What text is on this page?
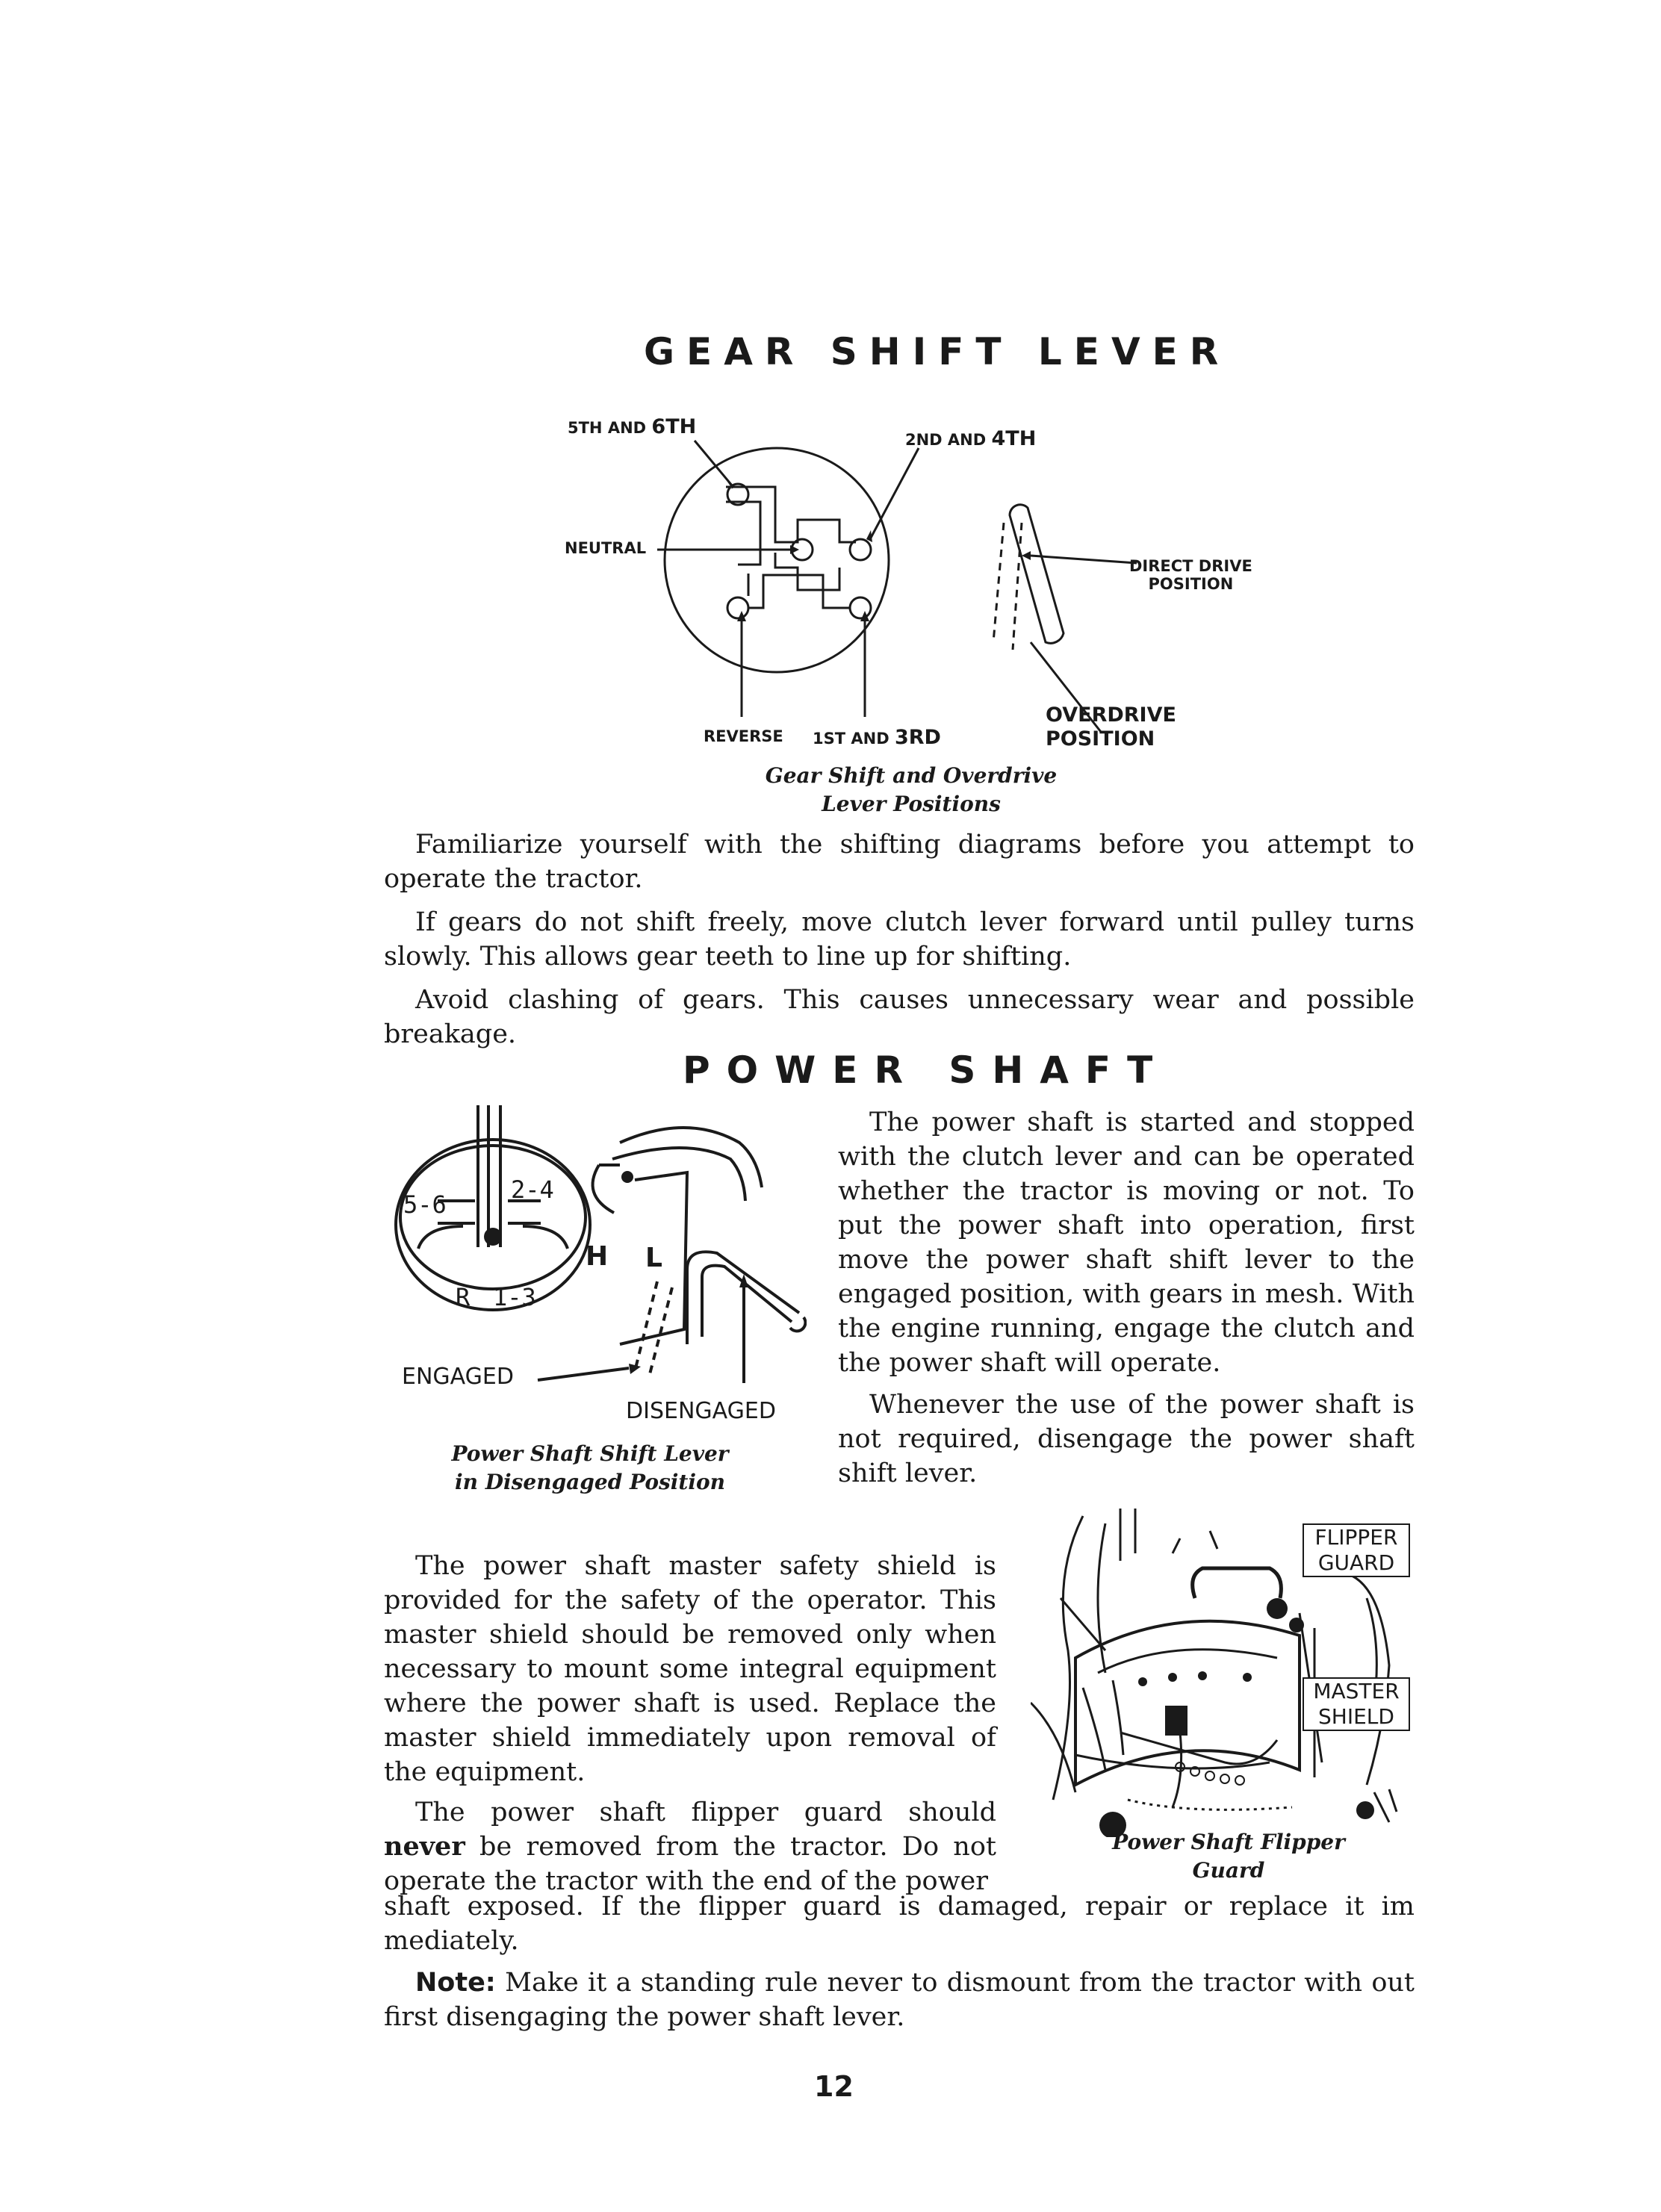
GEAR SHIFT LEVER
5TH AND 6TH
2ND AND 4TH
NEUTRAL
REVERSE 1ST AND 3RD
DIRECT DRIVE
POSITION
OVERDRIVE
POSITION
Gear Shift and Overdrive
Lever Positions

Familiarize yourself with the shifting diagrams before you attempt to operate the tractor.

If gears do not shift freely, move clutch lever forward until pulley turns slowly. This allows gear teeth to line up for shifting.

Avoid clashing of gears. This causes unnecessary wear and possible breakage.

POWER SHAFT
5-6
2-4
R 1-3
H L
ENGAGED
DISENGAGED
Power Shaft Shift Lever
in Disengaged Position

The power shaft is started and stopped with the clutch lever and can be operated whether the tractor is moving or not. To put the power shaft into operation, first move the power shaft shift lever to the engaged position, with gears in mesh. With the engine running, engage the clutch and the power shaft will operate.

Whenever the use of the power shaft is not required, disengage the power shaft shift lever.

The power shaft master safety shield is provided for the safety of the operator. This master shield should be removed only when necessary to mount some integral equipment where the power shaft is used. Replace the master shield immediately upon removal of the equipment.

The power shaft flipper guard should never be removed from the tractor. Do not operate the tractor with the end of the power

FLIPPER
GUARD
MASTER
SHIELD
Power Shaft Flipper
Guard

shaft exposed. If the flipper guard is damaged, repair or replace it im mediately.

Note: Make it a standing rule never to dismount from the tractor with out first disengaging the power shaft lever.

12
